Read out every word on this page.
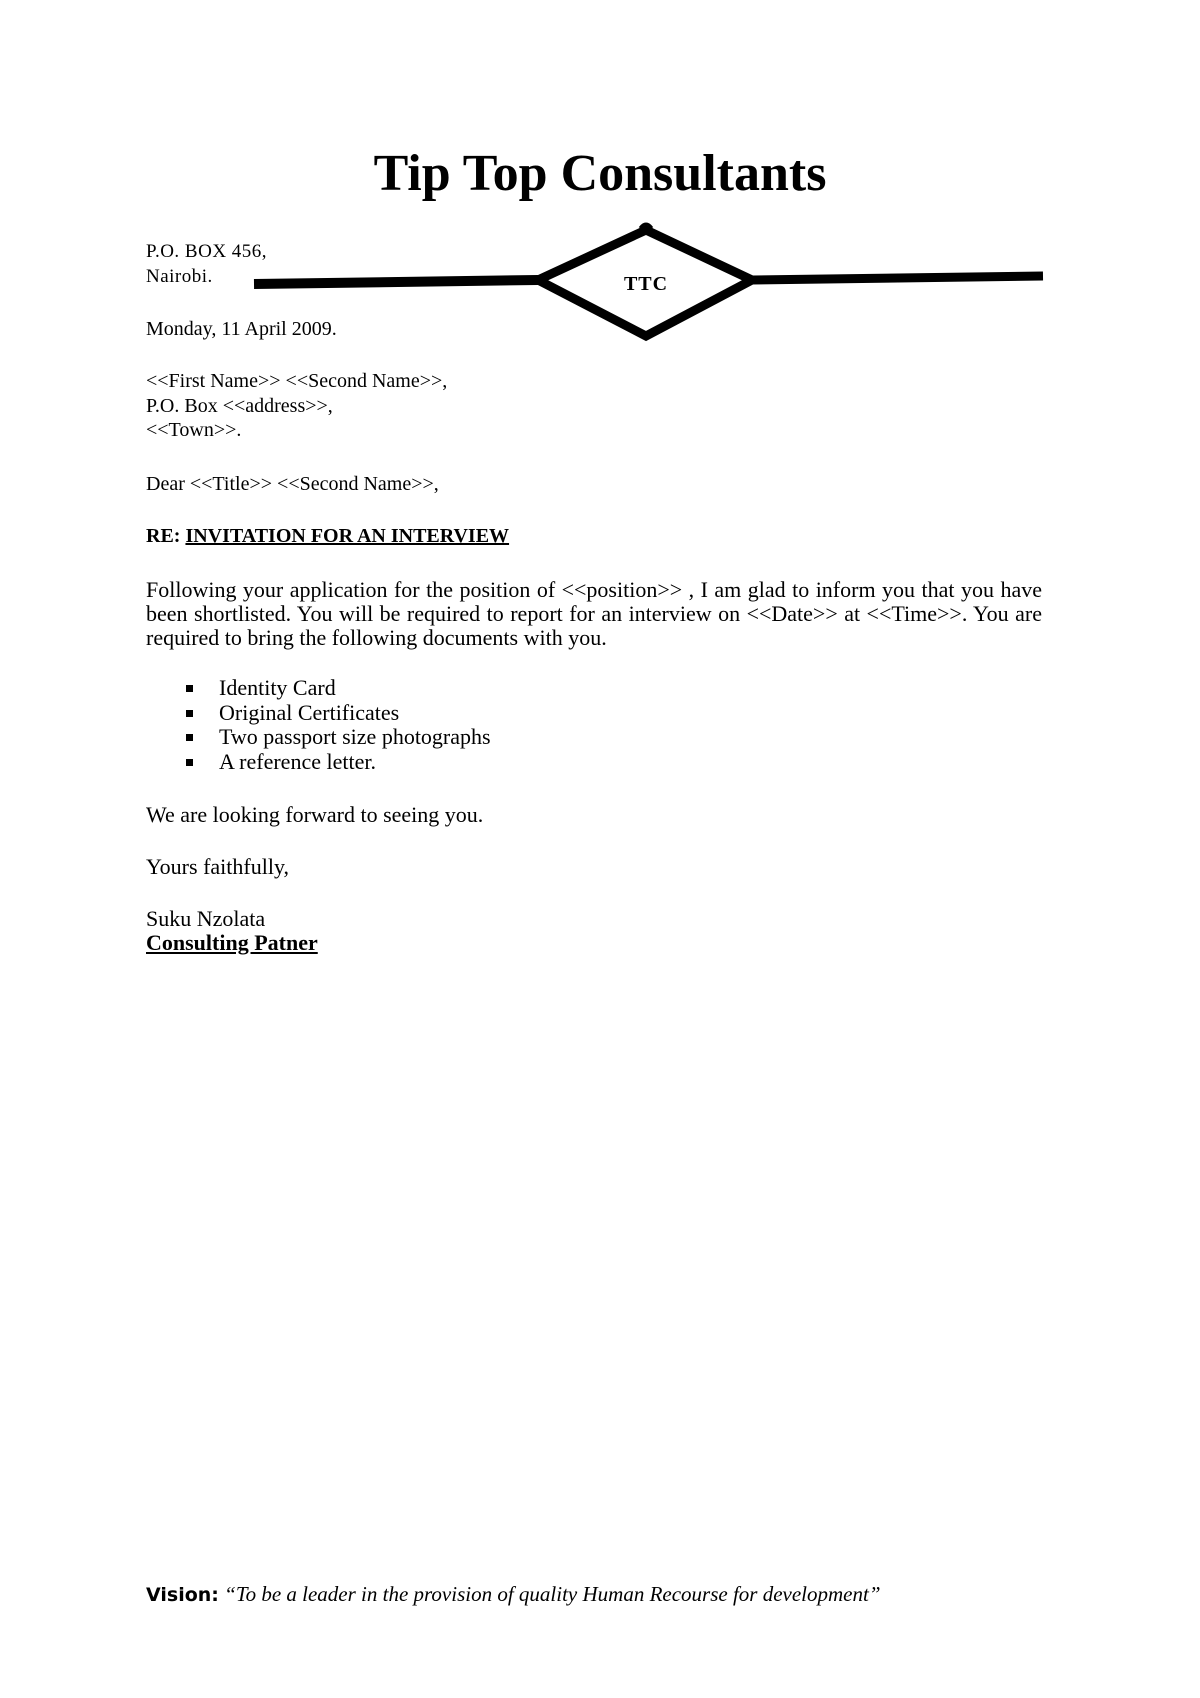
Tip Top Consultants
TTC
P.O. BOX 456,
Nairobi.
Monday, 11 April 2009.
<<First Name>> <<Second Name>>,
P.O. Box <<address>>,
<<Town>>.
Dear <<Title>> <<Second Name>>,
RE: INVITATION FOR AN INTERVIEW

Following your application for the position of <<position>> , I am glad to inform you that you have been shortlisted. You will be required to report for an interview on <<Date>> at <<Time>>. You are required to bring the following documents with you.

Identity Card
Original Certificates
Two passport size photographs
A reference letter.
We are looking forward to seeing you.
Yours faithfully,
Suku Nzolata
Consulting Patner
Vision: “To be a leader in the provision of quality Human Recourse for development”
